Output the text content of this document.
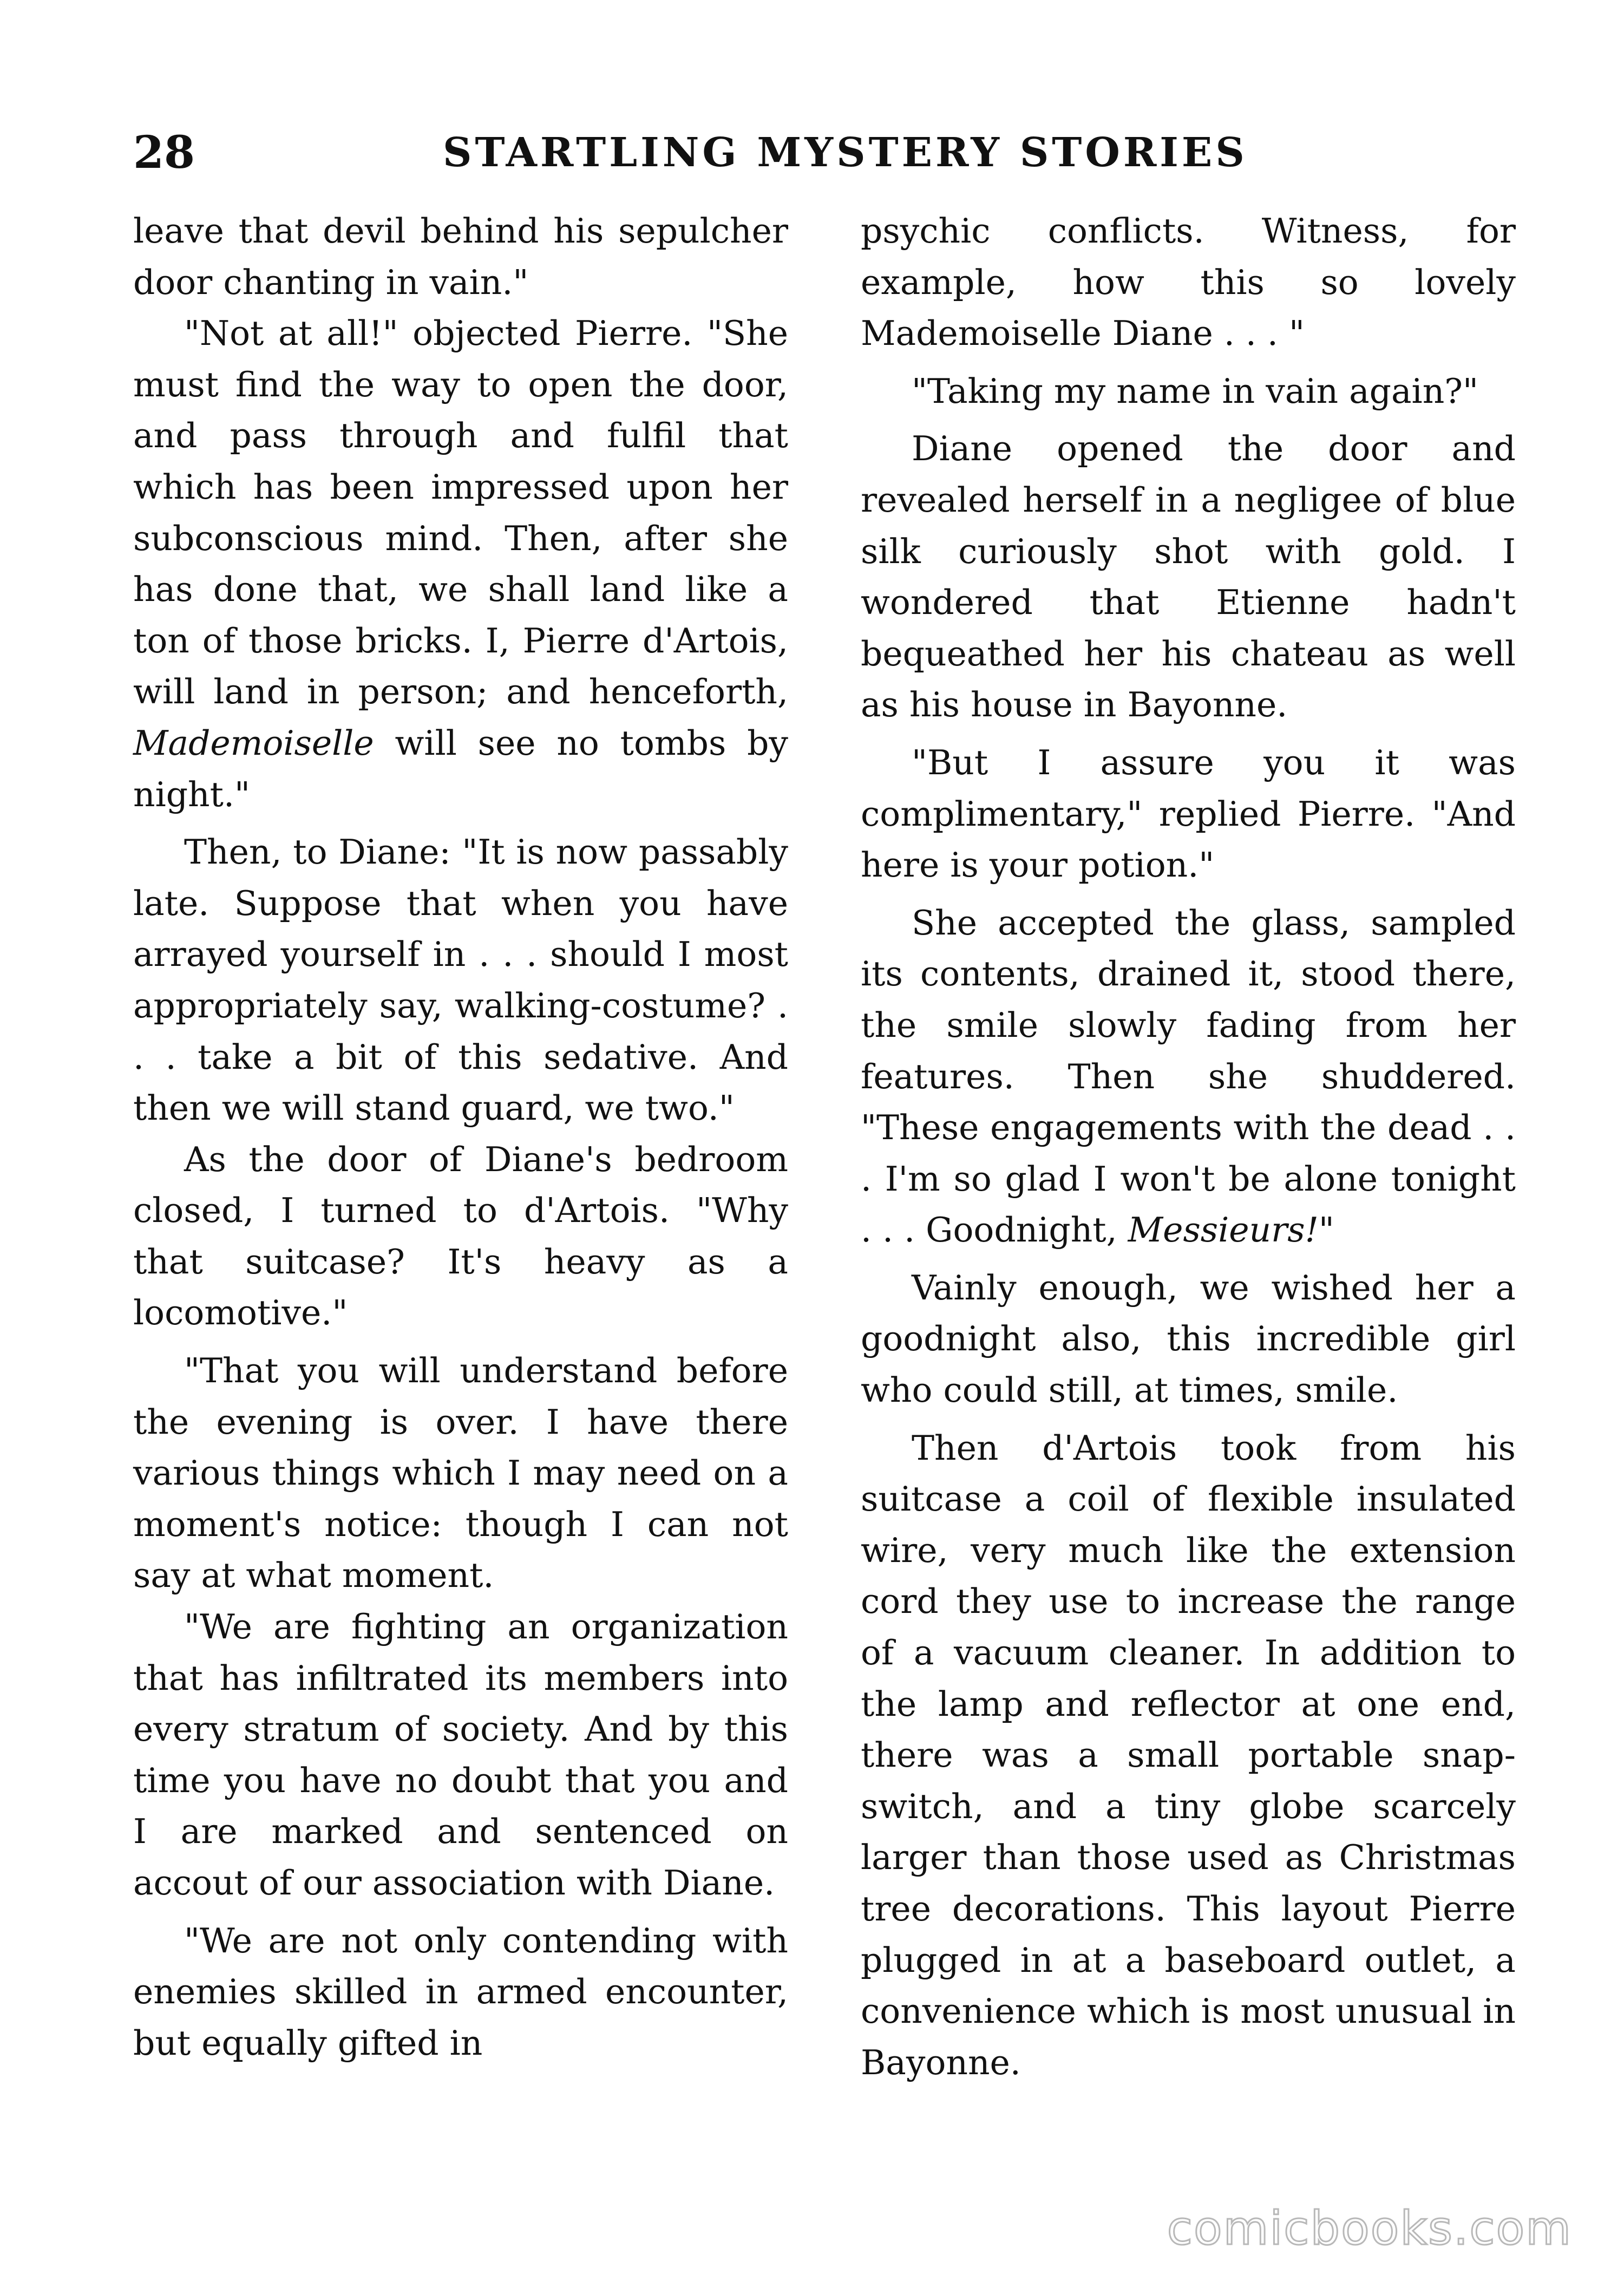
28	STARTLING MYSTERY STORIES

leave that devil behind his sepulcher door chanting in vain."

"Not at all!" objected Pierre. "She must find the way to open the door, and pass through and fulfil that which has been impressed upon her subconscious mind. Then, after she has done that, we shall land like a ton of those bricks. I, Pierre d'Artois, will land in person; and henceforth, Mademoiselle will see no tombs by night."

Then, to Diane: "It is now passably late. Suppose that when you have arrayed yourself in . . . should I most appropriately say, walking-costume? . . . take a bit of this sedative. And then we will stand guard, we two."

As the door of Diane's bedroom closed, I turned to d'Artois. "Why that suitcase? It's heavy as a locomotive."

"That you will understand before the evening is over. I have there various things which I may need on a moment's notice: though I can not say at what moment.

"We are fighting an organization that has infiltrated its members into every stratum of society. And by this time you have no doubt that you and I are marked and sentenced on accout of our association with Diane.

"We are not only contending with enemies skilled in armed encounter, but equally gifted in

psychic conflicts. Witness, for example, how this so lovely Mademoiselle Diane . . . "

"Taking my name in vain again?"

Diane opened the door and revealed herself in a negligee of blue silk curiously shot with gold. I wondered that Etienne hadn't bequeathed her his chateau as well as his house in Bayonne.

"But I assure you it was complimentary," replied Pierre. "And here is your potion."

She accepted the glass, sampled its contents, drained it, stood there, the smile slowly fading from her features. Then she shuddered. "These engagements with the dead . . . I'm so glad I won't be alone tonight . . . Goodnight, Messieurs!"

Vainly enough, we wished her a goodnight also, this incredible girl who could still, at times, smile.

Then d'Artois took from his suitcase a coil of flexible insulated wire, very much like the extension cord they use to increase the range of a vacuum cleaner. In addition to the lamp and reflector at one end, there was a small portable snap-switch, and a tiny globe scarcely larger than those used as Christmas tree decorations. This layout Pierre plugged in at a baseboard outlet, a convenience which is most unusual in Bayonne.

comicbooks.com
